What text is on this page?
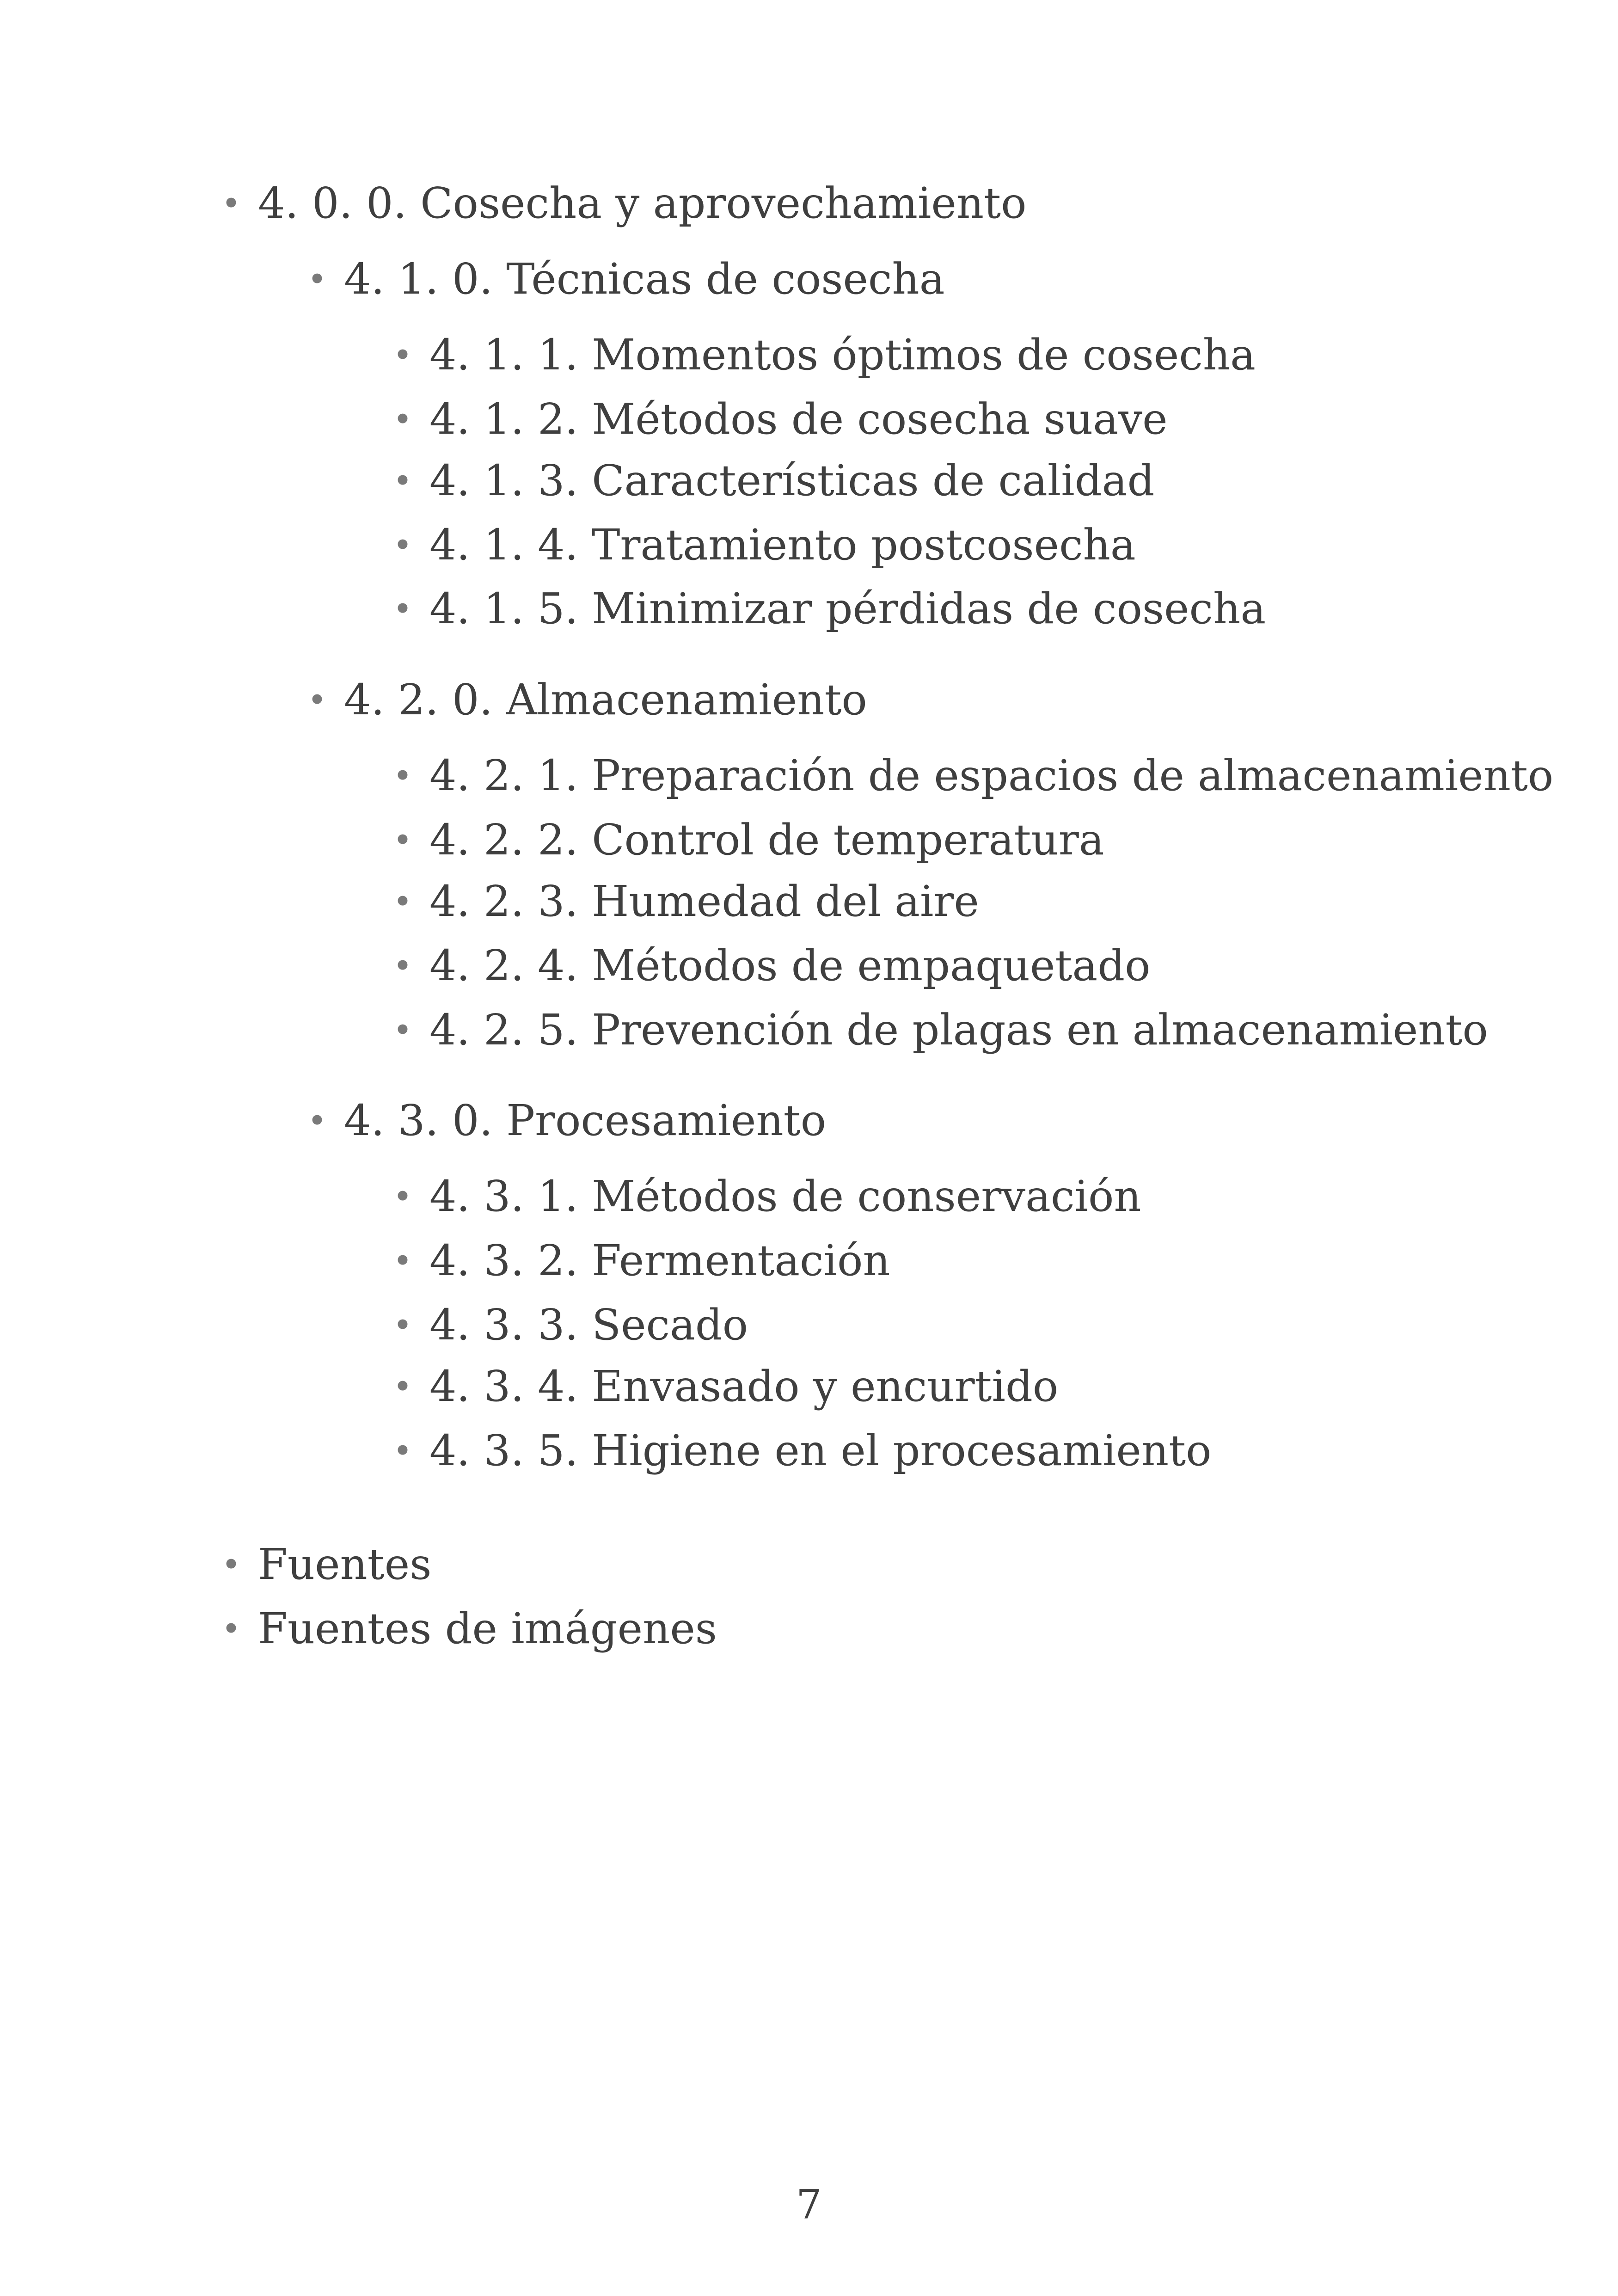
• 4. 0. 0. Cosecha y aprovechamiento
• 4. 1. 0. Técnicas de cosecha
• 4. 1. 1. Momentos óptimos de cosecha
• 4. 1. 2. Métodos de cosecha suave
• 4. 1. 3. Características de calidad
• 4. 1. 4. Tratamiento postcosecha
• 4. 1. 5. Minimizar pérdidas de cosecha
• 4. 2. 0. Almacenamiento
• 4. 2. 1. Preparación de espacios de almacenamiento
• 4. 2. 2. Control de temperatura
• 4. 2. 3. Humedad del aire
• 4. 2. 4. Métodos de empaquetado
• 4. 2. 5. Prevención de plagas en almacenamiento
• 4. 3. 0. Procesamiento
• 4. 3. 1. Métodos de conservación
• 4. 3. 2. Fermentación
• 4. 3. 3. Secado
• 4. 3. 4. Envasado y encurtido
• 4. 3. 5. Higiene en el procesamiento
• Fuentes
• Fuentes de imágenes
7
